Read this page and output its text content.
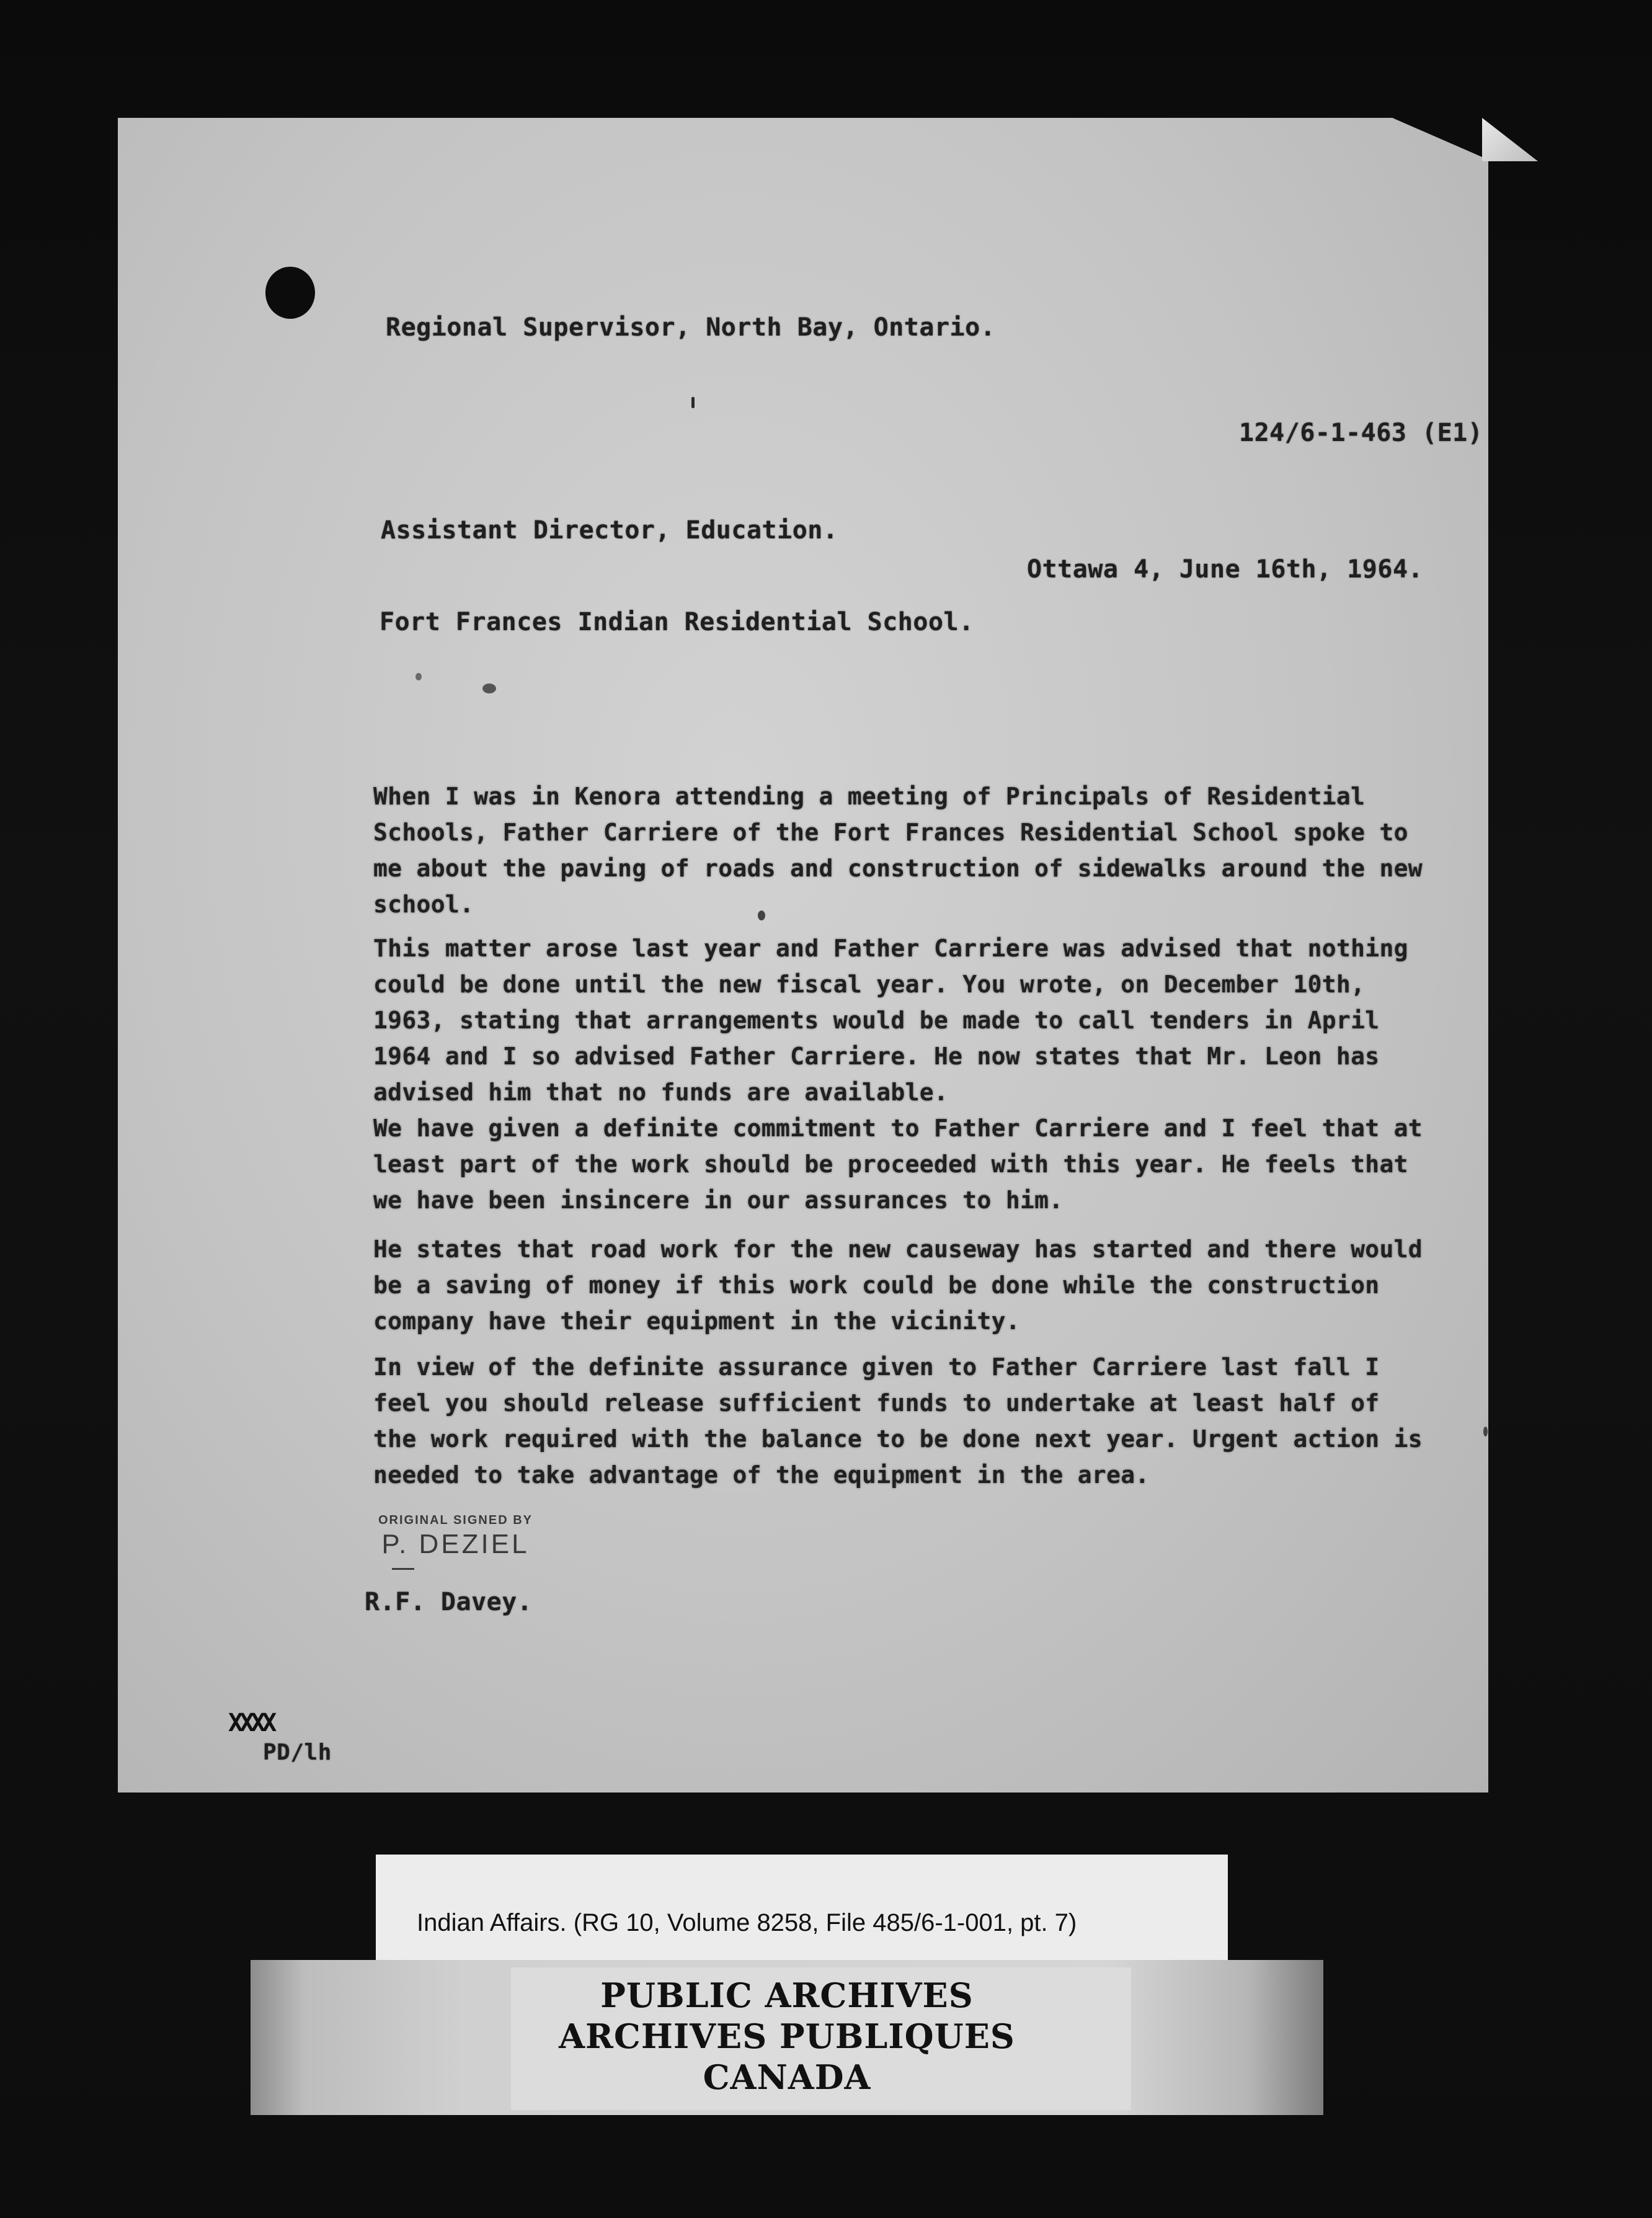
Regional Supervisor, North Bay, Ontario.
124/6-1-463 (E1)
Assistant Director, Education.
Ottawa 4, June 16th, 1964.
Fort Frances Indian Residential School.
When I was in Kenora attending a meeting of Principals of Residential Schools, Father Carriere of the Fort Frances Residential School spoke to me about the paving of roads and construction of sidewalks around the new school.
This matter arose last year and Father Carriere was advised that nothing could be done until the new fiscal year. You wrote, on December 10th, 1963, stating that arrangements would be made to call tenders in April 1964 and I so advised Father Carriere. He now states that Mr. Leon has advised him that no funds are available.
We have given a definite commitment to Father Carriere and I feel that at least part of the work should be proceeded with this year. He feels that we have been insincere in our assurances to him.
He states that road work for the new causeway has started and there would be a saving of money if this work could be done while the construction company have their equipment in the vicinity.
In view of the definite assurance given to Father Carriere last fall I feel you should release sufficient funds to undertake at least half of the work required with the balance to be done next year. Urgent action is needed to take advantage of the equipment in the area.
ORIGINAL SIGNED BY
P. DEZIEL
R.F. Davey.
XXXX
PD/lh
Indian Affairs. (RG 10, Volume 8258, File 485/6-1-001, pt. 7)
PUBLIC ARCHIVES
ARCHIVES PUBLIQUES
CANADA
